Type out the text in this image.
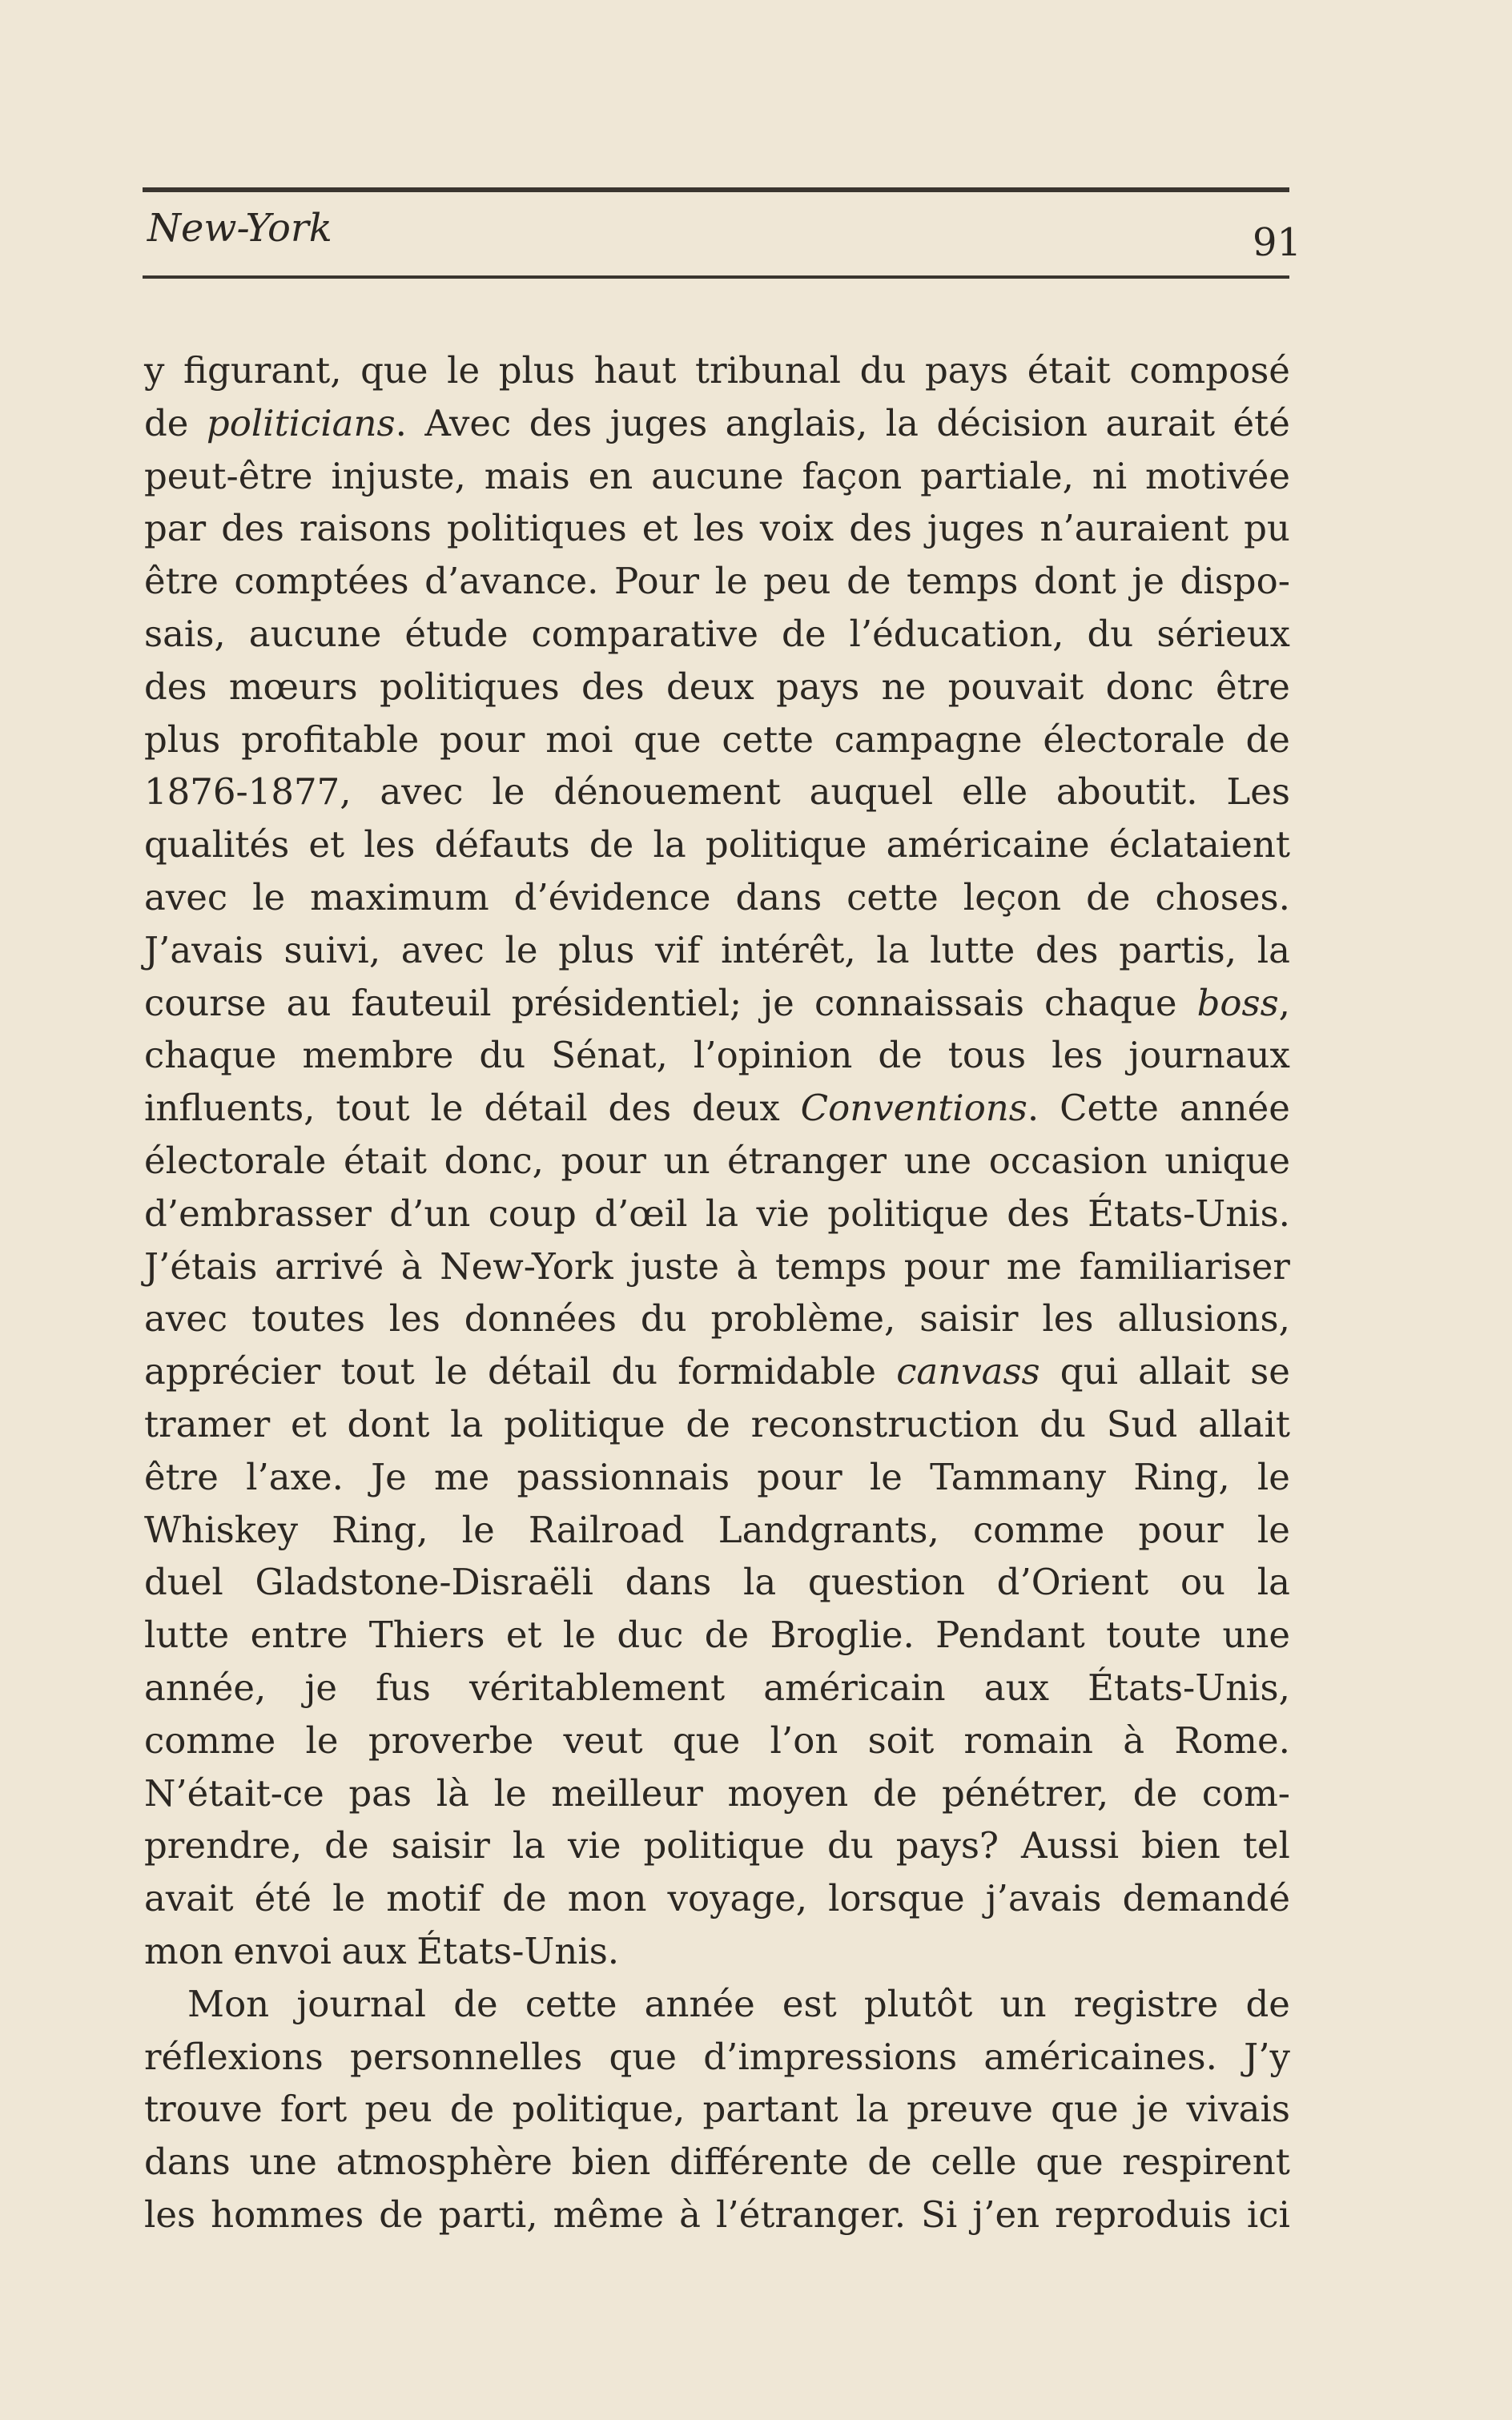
New-York	91
y figurant, que le plus haut tribunal du pays était composé
de politicians. Avec des juges anglais, la décision aurait été
peut-être injuste, mais en aucune façon partiale, ni motivée
par des raisons politiques et les voix des juges n’auraient pu
être comptées d’avance. Pour le peu de temps dont je dispo-
sais, aucune étude comparative de l’éducation, du sérieux
des mœurs politiques des deux pays ne pouvait donc être
plus profitable pour moi que cette campagne électorale de
1876-1877, avec le dénouement auquel elle aboutit. Les
qualités et les défauts de la politique américaine éclataient
avec le maximum d’évidence dans cette leçon de choses.
J’avais suivi, avec le plus vif intérêt, la lutte des partis, la
course au fauteuil présidentiel; je connaissais chaque boss,
chaque membre du Sénat, l’opinion de tous les journaux
influents, tout le détail des deux Conventions. Cette année
électorale était donc, pour un étranger une occasion unique
d’embrasser d’un coup d’œil la vie politique des États-Unis.
J’étais arrivé à New-York juste à temps pour me familiariser
avec toutes les données du problème, saisir les allusions,
apprécier tout le détail du formidable canvass qui allait se
tramer et dont la politique de reconstruction du Sud allait
être l’axe. Je me passionnais pour le Tammany Ring, le
Whiskey Ring, le Railroad Landgrants, comme pour le
duel Gladstone-Disraëli dans la question d’Orient ou la
lutte entre Thiers et le duc de Broglie. Pendant toute une
année, je fus véritablement américain aux États-Unis,
comme le proverbe veut que l’on soit romain à Rome.
N’était-ce pas là le meilleur moyen de pénétrer, de com-
prendre, de saisir la vie politique du pays? Aussi bien tel
avait été le motif de mon voyage, lorsque j’avais demandé
mon envoi aux États-Unis.
Mon journal de cette année est plutôt un registre de
réflexions personnelles que d’impressions américaines. J’y
trouve fort peu de politique, partant la preuve que je vivais
dans une atmosphère bien différente de celle que respirent
les hommes de parti, même à l’étranger. Si j’en reproduis ici
